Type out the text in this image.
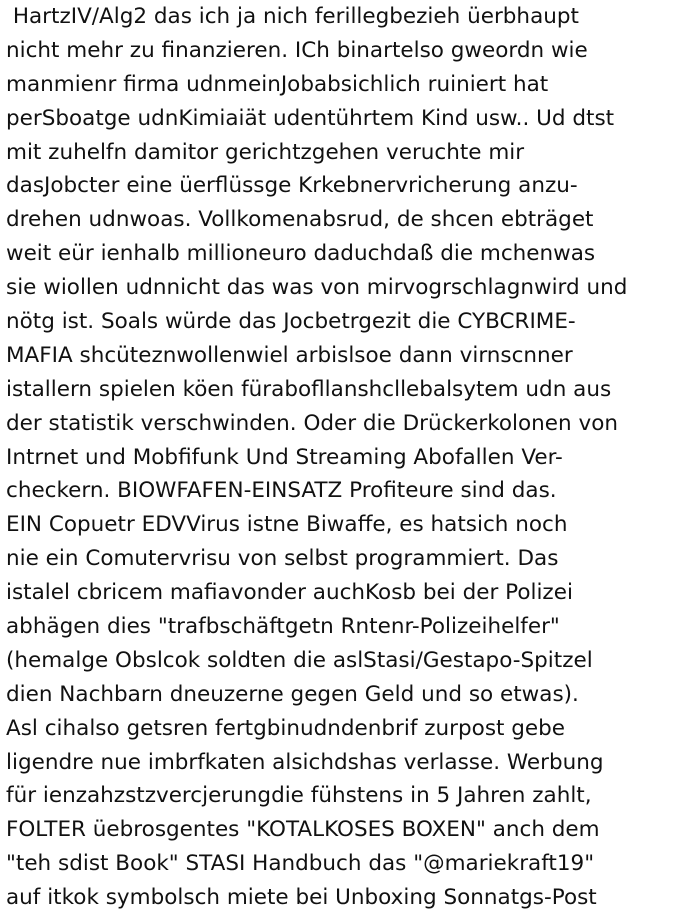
HartzIV/Alg2 das ich ja nich ferillegbezieh üerbhaupt
nicht mehr zu finanzieren. ICh binartelso gweordn wie
manmienr firma udnmeinJobabsichlich ruiniert hat
perSboatge udnKimiaiät udentührtem Kind usw.. Ud dtst
mit zuhelfn damitor gerichtzgehen veruchte mir
dasJobcter eine üerflüssge Krkebnervricherung anzu-
drehen udnwoas. Vollkomenabsrud, de shcen ebträget
weit eür ienhalb millioneuro daduchdaß die mchenwas
sie wiollen udnnicht das was von mirvogrschlagnwird und
nötg ist. Soals würde das Jocbetrgezit die CYBCRIME-
MAFIA shcüteznwollenwiel arbislsoe dann virnscnner
istallern spielen köen fürabofllanshcllebalsytem udn aus
der statistik verschwinden. Oder die Drückerkolonen von
Intrnet und Mobfifunk Und Streaming Abofallen Ver-
checkern. BIOWFAFEN-EINSATZ Profiteure sind das.
EIN Copuetr EDVVirus istne Biwaffe, es hatsich noch
nie ein Comutervrisu von selbst programmiert. Das
istalel cbricem mafiavonder auchKosb bei der Polizei
abhägen dies "trafbschäftgetn Rntenr-Polizeihelfer"
(hemalge Obslcok soldten die aslStasi/Gestapo-Spitzel
dien Nachbarn dneuzerne gegen Geld und so etwas).
Asl cihalso getsren fertgbinudndenbrif zurpost gebe
ligendre nue imbrfkaten alsichdshas verlasse. Werbung
für ienzahzstzvercjerungdie fühstens in 5 Jahren zahlt,
FOLTER üebrosgentes "KOTALKOSES BOXEN" anch dem
"teh sdist Book" STASI Handbuch das "@mariekraft19"
auf itkok symbolsch miete bei Unboxing Sonnatgs-Post
